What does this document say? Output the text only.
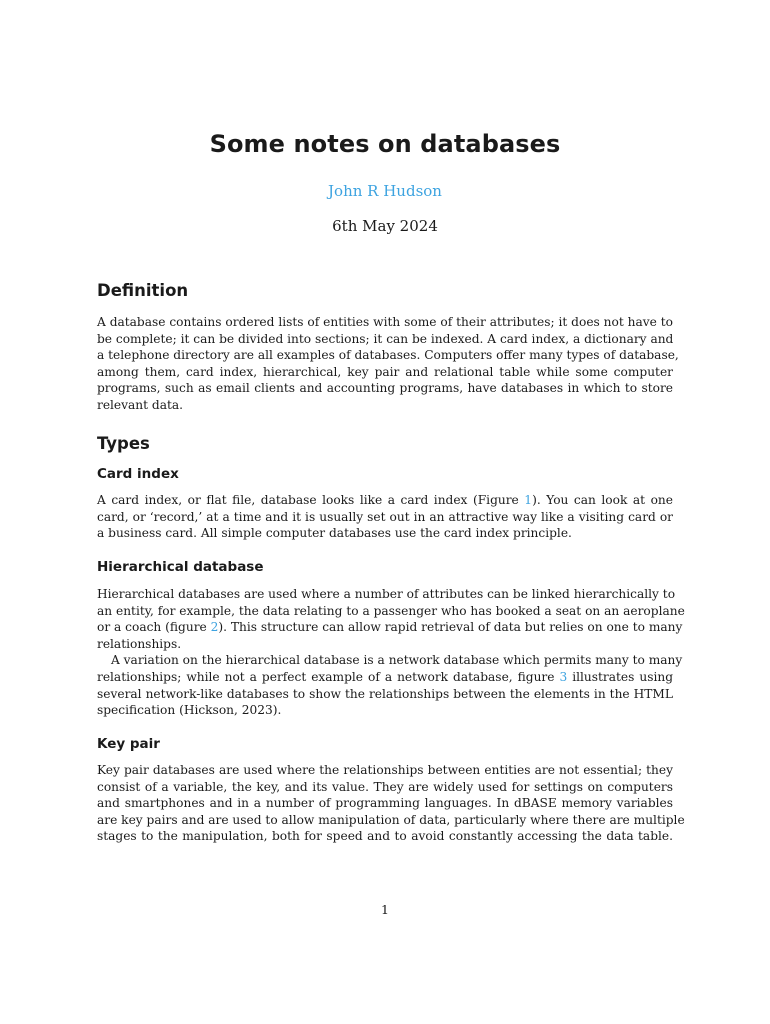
Some notes on databases
John R Hudson
6th May 2024
Definition
A database contains ordered lists of entities with some of their attributes; it does not have to
be complete; it can be divided into sections; it can be indexed. A card index, a dictionary and
a telephone directory are all examples of databases. Computers offer many types of database,
among them, card index, hierarchical, key pair and relational table while some computer
programs, such as email clients and accounting programs, have databases in which to store
relevant data.
Types
Card index
A card index, or flat file, database looks like a card index (Figure 1). You can look at one
card, or ‘record,’ at a time and it is usually set out in an attractive way like a visiting card or
a business card. All simple computer databases use the card index principle.
Hierarchical database
Hierarchical databases are used where a number of attributes can be linked hierarchically to
an entity, for example, the data relating to a passenger who has booked a seat on an aeroplane
or a coach (figure 2). This structure can allow rapid retrieval of data but relies on one to many
relationships.
A variation on the hierarchical database is a network database which permits many to many
relationships; while not a perfect example of a network database, figure 3 illustrates using
several network-like databases to show the relationships between the elements in the HTML
specification (Hickson, 2023).
Key pair
Key pair databases are used where the relationships between entities are not essential; they
consist of a variable, the key, and its value. They are widely used for settings on computers
and smartphones and in a number of programming languages. In dBASE memory variables
are key pairs and are used to allow manipulation of data, particularly where there are multiple
stages to the manipulation, both for speed and to avoid constantly accessing the data table.
1
